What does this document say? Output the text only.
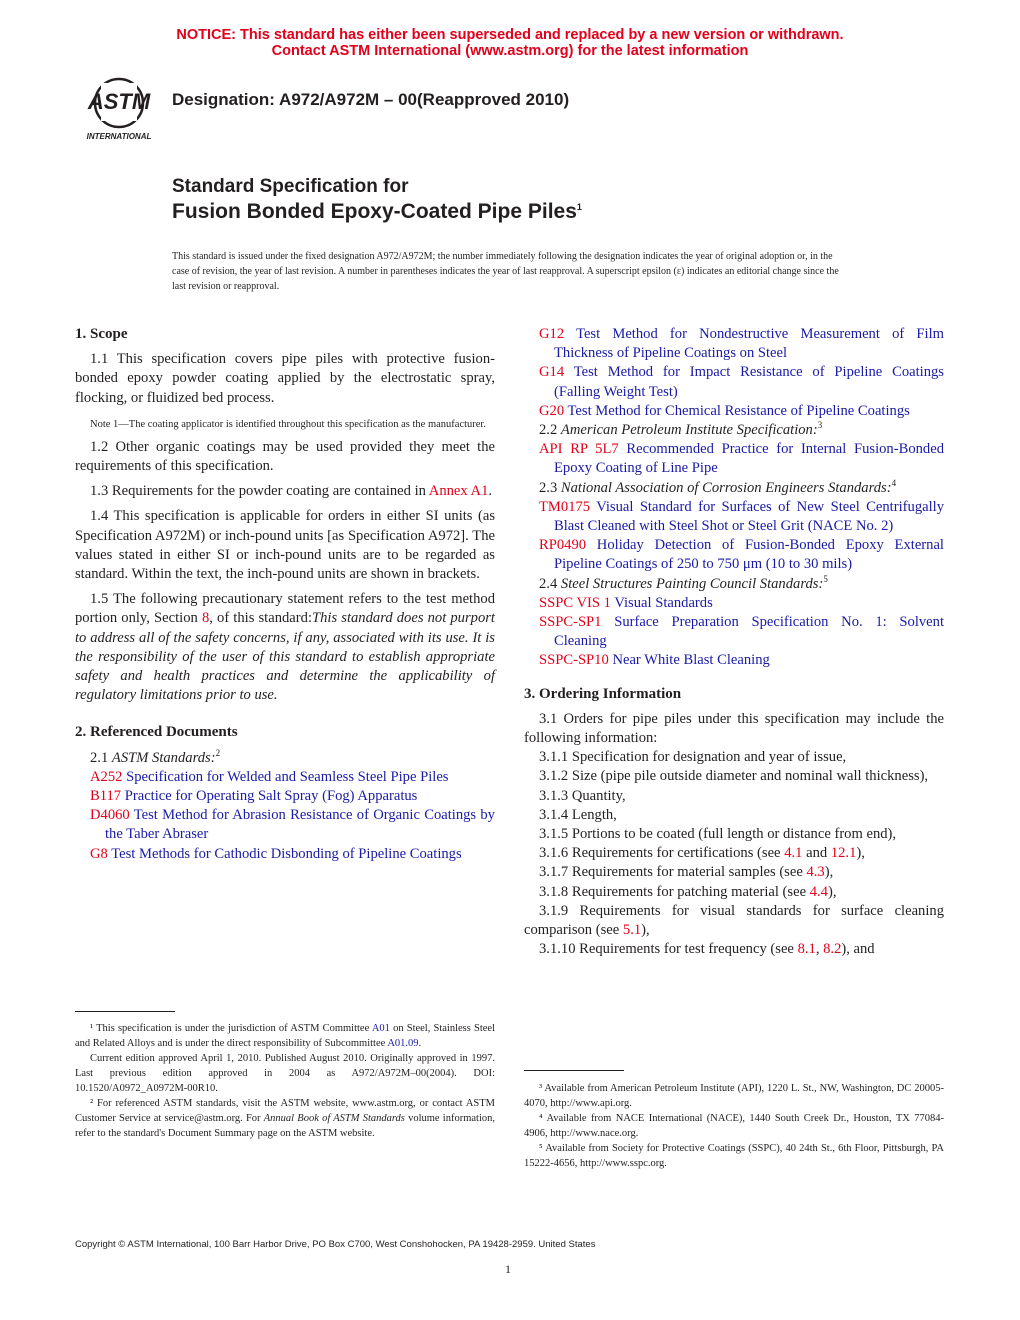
NOTICE: This standard has either been superseded and replaced by a new version or withdrawn.
Contact ASTM International (www.astm.org) for the latest information
ASTM
INTERNATIONAL
Designation: A972/A972M – 00(Reapproved 2010)
Standard Specification for
Fusion Bonded Epoxy-Coated Pipe Piles$^1$
This standard is issued under the fixed designation A972/A972M; the number immediately following the designation indicates the year of original adoption or, in the case of revision, the year of last revision. A number in parentheses indicates the year of last reapproval. A superscript epsilon (ε) indicates an editorial change since the last revision or reapproval.

1. Scope

1.1 This specification covers pipe piles with protective fusion-bonded epoxy powder coating applied by the electrostatic spray, flocking, or fluidized bed process.

Note 1—The coating applicator is identified throughout this specification as the manufacturer.

1.2 Other organic coatings may be used provided they meet the requirements of this specification.

1.3 Requirements for the powder coating are contained in Annex A1.

1.4 This specification is applicable for orders in either SI units (as Specification A972M) or inch-pound units [as Specification A972]. The values stated in either SI or inch-pound units are to be regarded as standard. Within the text, the inch-pound units are shown in brackets.

1.5 The following precautionary statement refers to the test method portion only, Section 8, of this standard:This standard does not purport to address all of the safety concerns, if any, associated with its use. It is the responsibility of the user of this standard to establish appropriate safety and health practices and determine the applicability of regulatory limitations prior to use.

2. Referenced Documents

2.1 ASTM Standards:$^2$

A252 Specification for Welded and Seamless Steel Pipe Piles

B117 Practice for Operating Salt Spray (Fog) Apparatus

D4060 Test Method for Abrasion Resistance of Organic Coatings by the Taber Abraser

G8 Test Methods for Cathodic Disbonding of Pipeline Coatings

G12 Test Method for Nondestructive Measurement of Film Thickness of Pipeline Coatings on Steel

G14 Test Method for Impact Resistance of Pipeline Coatings (Falling Weight Test)

G20 Test Method for Chemical Resistance of Pipeline Coatings

2.2 American Petroleum Institute Specification:$^3$

API RP 5L7 Recommended Practice for Internal Fusion-Bonded Epoxy Coating of Line Pipe

2.3 National Association of Corrosion Engineers Standards:$^4$

TM0175 Visual Standard for Surfaces of New Steel Centrifugally Blast Cleaned with Steel Shot or Steel Grit (NACE No. 2)

RP0490 Holiday Detection of Fusion-Bonded Epoxy External Pipeline Coatings of 250 to 750 μm (10 to 30 mils)

2.4 Steel Structures Painting Council Standards:$^5$

SSPC VIS 1 Visual Standards

SSPC-SP1 Surface Preparation Specification No. 1: Solvent Cleaning

SSPC-SP10 Near White Blast Cleaning

3. Ordering Information

3.1 Orders for pipe piles under this specification may include the following information:

3.1.1 Specification for designation and year of issue,

3.1.2 Size (pipe pile outside diameter and nominal wall thickness),

3.1.3 Quantity,

3.1.4 Length,

3.1.5 Portions to be coated (full length or distance from end),

3.1.6 Requirements for certifications (see 4.1 and 12.1),

3.1.7 Requirements for material samples (see 4.3),

3.1.8 Requirements for patching material (see 4.4),

3.1.9 Requirements for visual standards for surface cleaning comparison (see 5.1),

3.1.10 Requirements for test frequency (see 8.1, 8.2), and

¹ This specification is under the jurisdiction of ASTM Committee A01 on Steel, Stainless Steel and Related Alloys and is under the direct responsibility of Subcommittee A01.09.

Current edition approved April 1, 2010. Published August 2010. Originally approved in 1997. Last previous edition approved in 2004 as A972/A972M–00(2004). DOI: 10.1520/A0972_A0972M-00R10.

² For referenced ASTM standards, visit the ASTM website, www.astm.org, or contact ASTM Customer Service at service@astm.org. For Annual Book of ASTM Standards volume information, refer to the standard's Document Summary page on the ASTM website.

³ Available from American Petroleum Institute (API), 1220 L. St., NW, Washington, DC 20005-4070, http://www.api.org.

⁴ Available from NACE International (NACE), 1440 South Creek Dr., Houston, TX 77084-4906, http://www.nace.org.

⁵ Available from Society for Protective Coatings (SSPC), 40 24th St., 6th Floor, Pittsburgh, PA 15222-4656, http://www.sspc.org.

Copyright © ASTM International, 100 Barr Harbor Drive, PO Box C700, West Conshohocken, PA 19428-2959. United States
1
